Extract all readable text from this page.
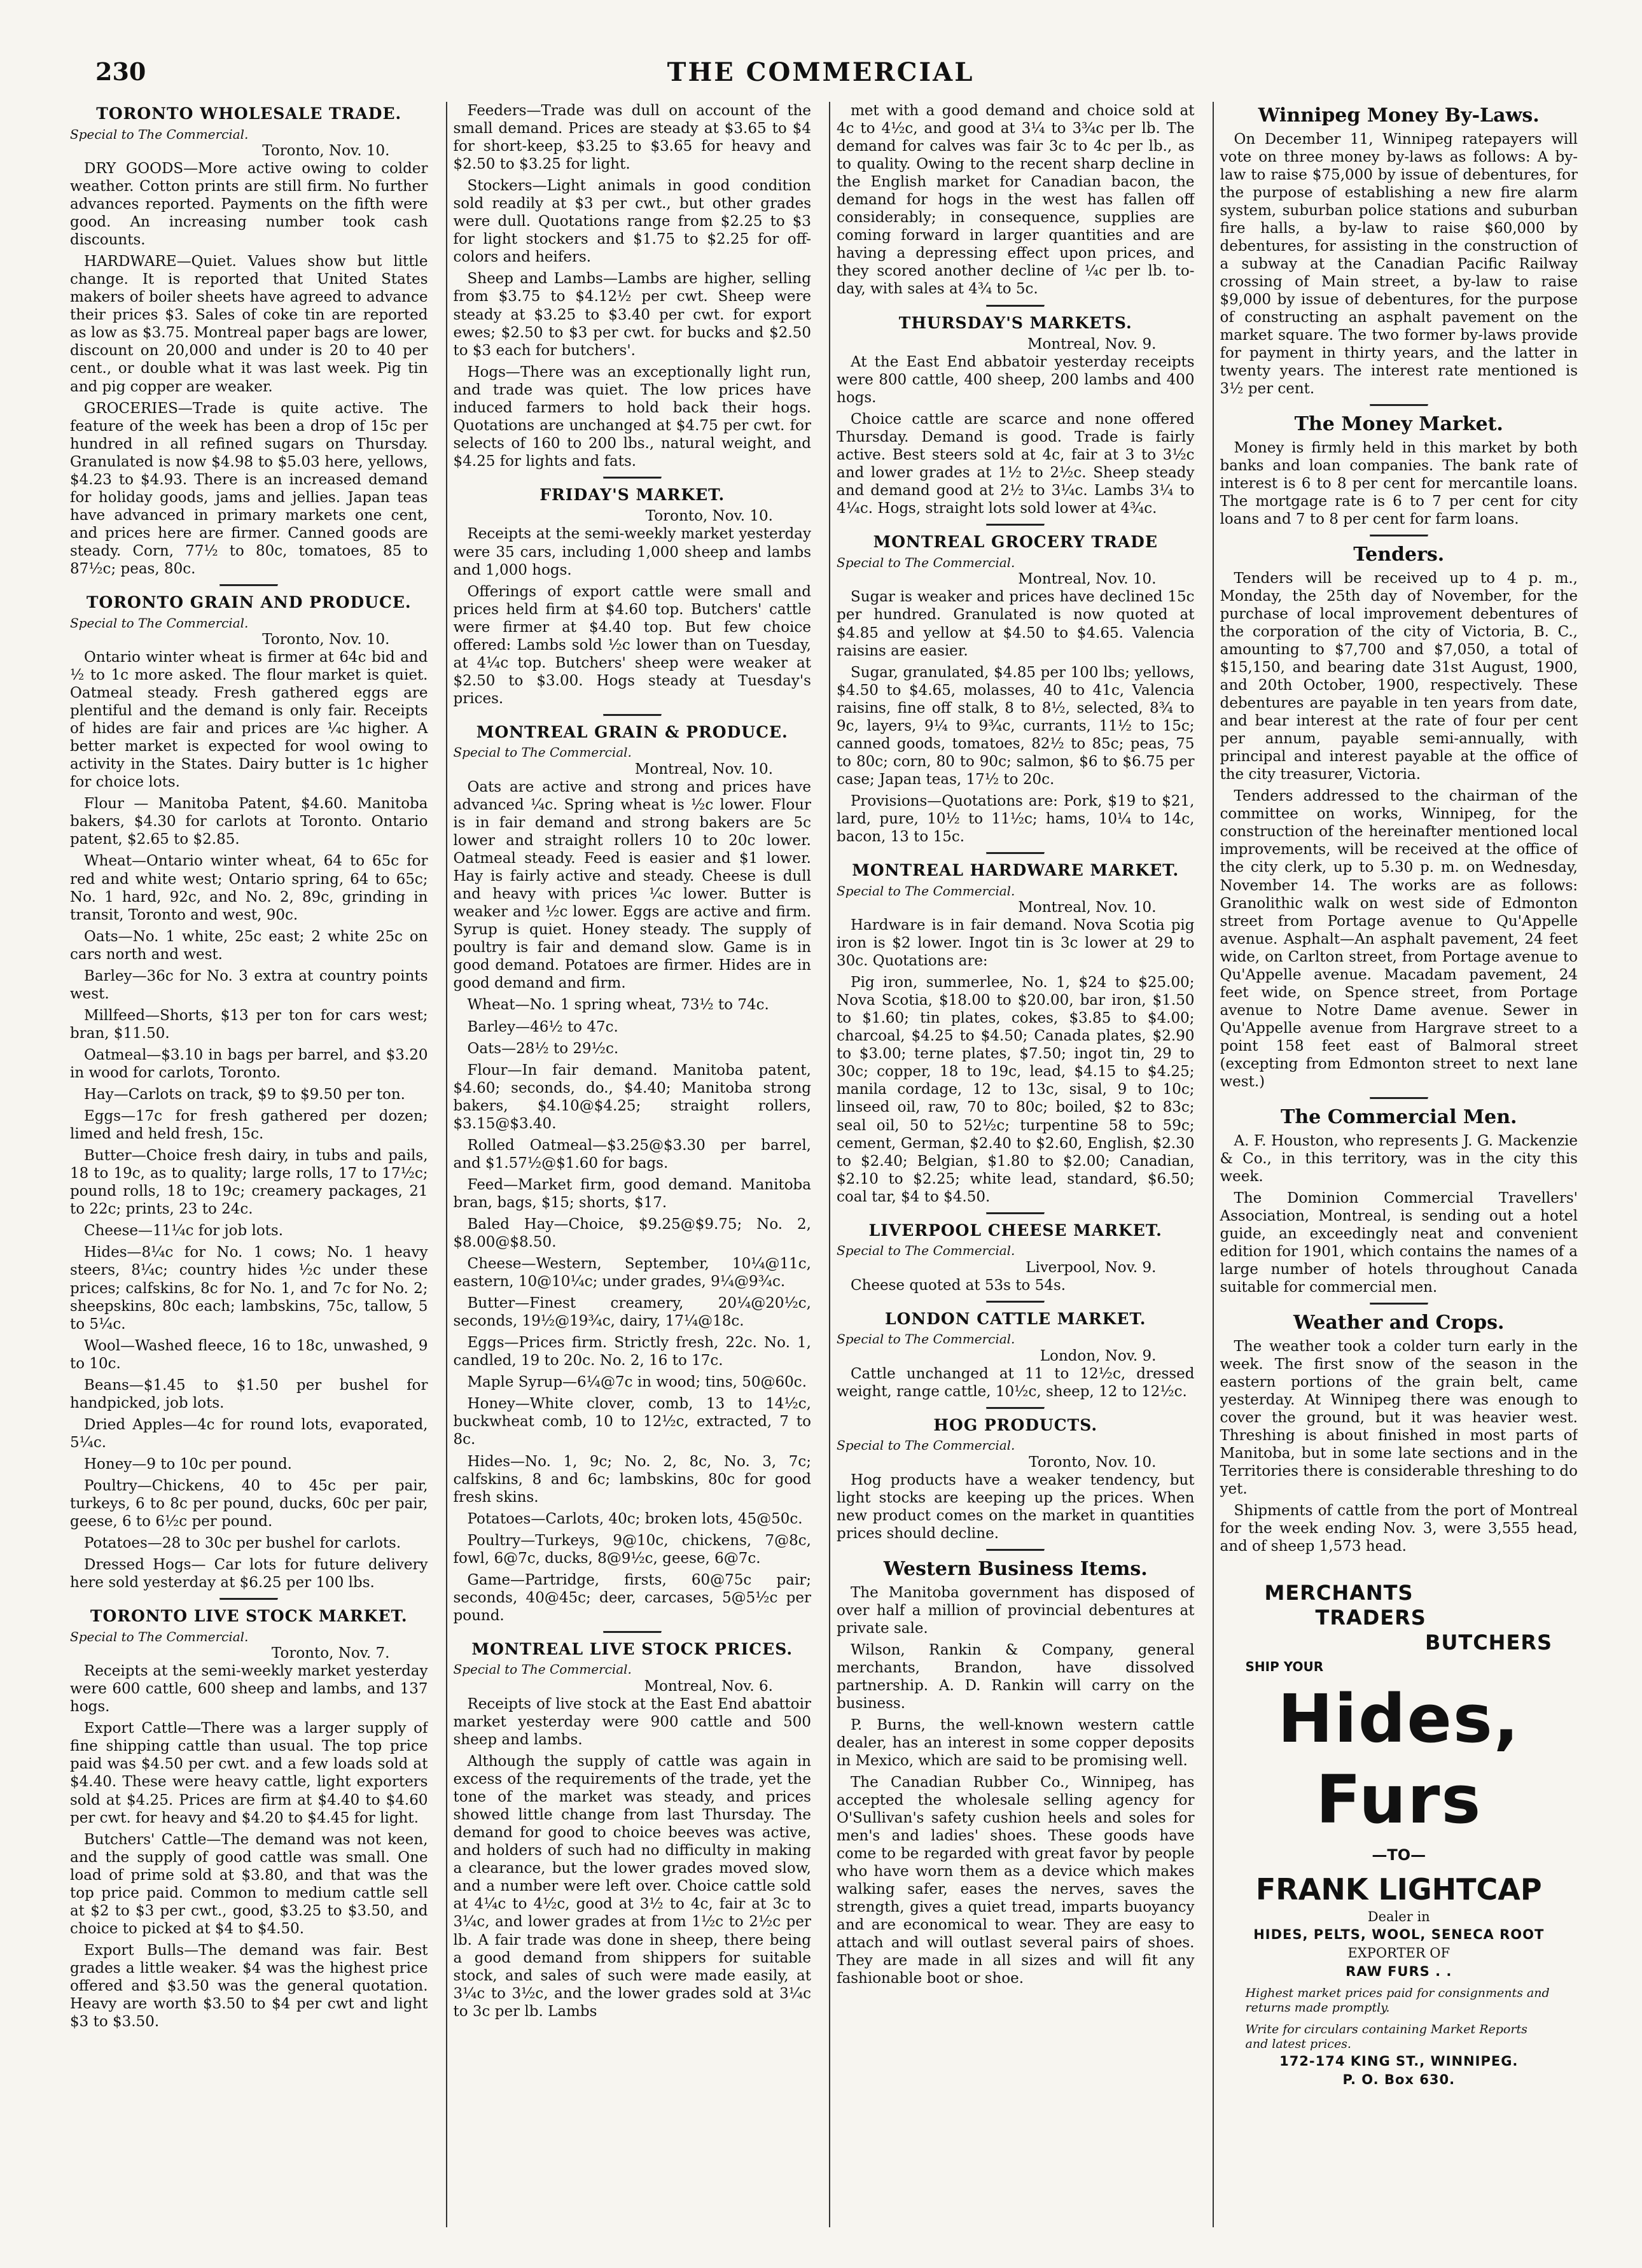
230	THE COMMERCIAL
TORONTO WHOLESALE TRADE.
Special to The Commercial.
Toronto, Nov. 10.

DRY GOODS—More active owing to colder weather. Cotton prints are still firm. No further advances reported. Payments on the fifth were good. An increasing number took cash discounts.

HARDWARE—Quiet. Values show but little change. It is reported that United States makers of boiler sheets have agreed to advance their prices $3. Sales of coke tin are reported as low as $3.75. Montreal paper bags are lower, discount on 20,000 and under is 20 to 40 per cent., or double what it was last week. Pig tin and pig copper are weaker.

GROCERIES—Trade is quite active. The feature of the week has been a drop of 15c per hundred in all refined sugars on Thursday. Granulated is now $4.98 to $5.03 here, yellows, $4.23 to $4.93. There is an increased demand for holiday goods, jams and jellies. Japan teas have advanced in primary markets one cent, and prices here are firmer. Canned goods are steady. Corn, 77½ to 80c, tomatoes, 85 to 87½c; peas, 80c.

TORONTO GRAIN AND PRODUCE.
Special to The Commercial.
Toronto, Nov. 10.

Ontario winter wheat is firmer at 64c bid and ½ to 1c more asked. The flour market is quiet. Oatmeal steady. Fresh gathered eggs are plentiful and the demand is only fair. Receipts of hides are fair and prices are ¼c higher. A better market is expected for wool owing to activity in the States. Dairy butter is 1c higher for choice lots.

Flour — Manitoba Patent, $4.60. Manitoba bakers, $4.30 for carlots at Toronto. Ontario patent, $2.65 to $2.85.

Wheat—Ontario winter wheat, 64 to 65c for red and white west; Ontario spring, 64 to 65c; No. 1 hard, 92c, and No. 2, 89c, grinding in transit, Toronto and west, 90c.

Oats—No. 1 white, 25c east; 2 white 25c on cars north and west.

Barley—36c for No. 3 extra at country points west.

Millfeed—Shorts, $13 per ton for cars west; bran, $11.50.

Oatmeal—$3.10 in bags per barrel, and $3.20 in wood for carlots, Toronto.

Hay—Carlots on track, $9 to $9.50 per ton.

Eggs—17c for fresh gathered per dozen; limed and held fresh, 15c.

Butter—Choice fresh dairy, in tubs and pails, 18 to 19c, as to quality; large rolls, 17 to 17½c; pound rolls, 18 to 19c; creamery packages, 21 to 22c; prints, 23 to 24c.

Cheese—11¼c for job lots.

Hides—8¼c for No. 1 cows; No. 1 heavy steers, 8¼c; country hides ½c under these prices; calfskins, 8c for No. 1, and 7c for No. 2; sheepskins, 80c each; lambskins, 75c, tallow, 5 to 5¼c.

Wool—Washed fleece, 16 to 18c, unwashed, 9 to 10c.

Beans—$1.45 to $1.50 per bushel for handpicked, job lots.

Dried Apples—4c for round lots, evaporated, 5¼c.

Honey—9 to 10c per pound.

Poultry—Chickens, 40 to 45c per pair, turkeys, 6 to 8c per pound, ducks, 60c per pair, geese, 6 to 6½c per pound.

Potatoes—28 to 30c per bushel for carlots.

Dressed Hogs— Car lots for future delivery here sold yesterday at $6.25 per 100 lbs.

TORONTO LIVE STOCK MARKET.
Special to The Commercial.
Toronto, Nov. 7.

Receipts at the semi-weekly market yesterday were 600 cattle, 600 sheep and lambs, and 137 hogs.

Export Cattle—There was a larger supply of fine shipping cattle than usual. The top price paid was $4.50 per cwt. and a few loads sold at $4.40. These were heavy cattle, light exporters sold at $4.25. Prices are firm at $4.40 to $4.60 per cwt. for heavy and $4.20 to $4.45 for light.

Butchers' Cattle—The demand was not keen, and the supply of good cattle was small. One load of prime sold at $3.80, and that was the top price paid. Common to medium cattle sell at $2 to $3 per cwt., good, $3.25 to $3.50, and choice to picked at $4 to $4.50.

Export Bulls—The demand was fair. Best grades a little weaker. $4 was the highest price offered and $3.50 was the general quotation. Heavy are worth $3.50 to $4 per cwt and light $3 to $3.50.

Feeders—Trade was dull on account of the small demand. Prices are steady at $3.65 to $4 for short-keep, $3.25 to $3.65 for heavy and $2.50 to $3.25 for light.

Stockers—Light animals in good condition sold readily at $3 per cwt., but other grades were dull. Quotations range from $2.25 to $3 for light stockers and $1.75 to $2.25 for off-colors and heifers.

Sheep and Lambs—Lambs are higher, selling from $3.75 to $4.12½ per cwt. Sheep were steady at $3.25 to $3.40 per cwt. for export ewes; $2.50 to $3 per cwt. for bucks and $2.50 to $3 each for butchers'.

Hogs—There was an exceptionally light run, and trade was quiet. The low prices have induced farmers to hold back their hogs. Quotations are unchanged at $4.75 per cwt. for selects of 160 to 200 lbs., natural weight, and $4.25 for lights and fats.

FRIDAY'S MARKET.
Toronto, Nov. 10.

Receipts at the semi-weekly market yesterday were 35 cars, including 1,000 sheep and lambs and 1,000 hogs.

Offerings of export cattle were small and prices held firm at $4.60 top. Butchers' cattle were firmer at $4.40 top. But few choice offered: Lambs sold ½c lower than on Tuesday, at 4¼c top. Butchers' sheep were weaker at $2.50 to $3.00. Hogs steady at Tuesday's prices.

MONTREAL GRAIN & PRODUCE.
Special to The Commercial.
Montreal, Nov. 10.

Oats are active and strong and prices have advanced ¼c. Spring wheat is ½c lower. Flour is in fair demand and strong bakers are 5c lower and straight rollers 10 to 20c lower. Oatmeal steady. Feed is easier and $1 lower. Hay is fairly active and steady. Cheese is dull and heavy with prices ¼c lower. Butter is weaker and ½c lower. Eggs are active and firm. Syrup is quiet. Honey steady. The supply of poultry is fair and demand slow. Game is in good demand. Potatoes are firmer. Hides are in good demand and firm.

Wheat—No. 1 spring wheat, 73½ to 74c.

Barley—46½ to 47c.

Oats—28½ to 29½c.

Flour—In fair demand. Manitoba patent, $4.60; seconds, do., $4.40; Manitoba strong bakers, $4.10@$4.25; straight rollers, $3.15@$3.40.

Rolled Oatmeal—$3.25@$3.30 per barrel, and $1.57½@$1.60 for bags.

Feed—Market firm, good demand. Manitoba bran, bags, $15; shorts, $17.

Baled Hay—Choice, $9.25@$9.75; No. 2, $8.00@$8.50.

Cheese—Western, September, 10¼@11c, eastern, 10@10¼c; under grades, 9¼@9¾c.

Butter—Finest creamery, 20¼@20½c, seconds, 19½@19¾c, dairy, 17¼@18c.

Eggs—Prices firm. Strictly fresh, 22c. No. 1, candled, 19 to 20c. No. 2, 16 to 17c.

Maple Syrup—6¼@7c in wood; tins, 50@60c.

Honey—White clover, comb, 13 to 14½c, buckwheat comb, 10 to 12½c, extracted, 7 to 8c.

Hides—No. 1, 9c; No. 2, 8c, No. 3, 7c; calfskins, 8 and 6c; lambskins, 80c for good fresh skins.

Potatoes—Carlots, 40c; broken lots, 45@50c.

Poultry—Turkeys, 9@10c, chickens, 7@8c, fowl, 6@7c, ducks, 8@9½c, geese, 6@7c.

Game—Partridge, firsts, 60@75c pair; seconds, 40@45c; deer, carcases, 5@5½c per pound.

MONTREAL LIVE STOCK PRICES.
Special to The Commercial.
Montreal, Nov. 6.

Receipts of live stock at the East End abattoir market yesterday were 900 cattle and 500 sheep and lambs.

Although the supply of cattle was again in excess of the requirements of the trade, yet the tone of the market was steady, and prices showed little change from last Thursday. The demand for good to choice beeves was active, and holders of such had no difficulty in making a clearance, but the lower grades moved slow, and a number were left over. Choice cattle sold at 4¼c to 4½c, good at 3½ to 4c, fair at 3c to 3¼c, and lower grades at from 1½c to 2½c per lb. A fair trade was done in sheep, there being a good demand from shippers for suitable stock, and sales of such were made easily, at 3¼c to 3½c, and the lower grades sold at 3¼c to 3c per lb. Lambs

met with a good demand and choice sold at 4c to 4½c, and good at 3¼ to 3¾c per lb. The demand for calves was fair 3c to 4c per lb., as to quality. Owing to the recent sharp decline in the English market for Canadian bacon, the demand for hogs in the west has fallen off considerably; in consequence, supplies are coming forward in larger quantities and are having a depressing effect upon prices, and they scored another decline of ¼c per lb. to-day, with sales at 4¾ to 5c.

THURSDAY'S MARKETS.
Montreal, Nov. 9.

At the East End abbatoir yesterday receipts were 800 cattle, 400 sheep, 200 lambs and 400 hogs.

Choice cattle are scarce and none offered Thursday. Demand is good. Trade is fairly active. Best steers sold at 4c, fair at 3 to 3½c and lower grades at 1½ to 2½c. Sheep steady and demand good at 2½ to 3¼c. Lambs 3¼ to 4¼c. Hogs, straight lots sold lower at 4¾c.

MONTREAL GROCERY TRADE
Special to The Commercial.
Montreal, Nov. 10.

Sugar is weaker and prices have declined 15c per hundred. Granulated is now quoted at $4.85 and yellow at $4.50 to $4.65. Valencia raisins are easier.

Sugar, granulated, $4.85 per 100 lbs; yellows, $4.50 to $4.65, molasses, 40 to 41c, Valencia raisins, fine off stalk, 8 to 8½, selected, 8¾ to 9c, layers, 9¼ to 9¾c, currants, 11½ to 15c; canned goods, tomatoes, 82½ to 85c; peas, 75 to 80c; corn, 80 to 90c; salmon, $6 to $6.75 per case; Japan teas, 17½ to 20c.

Provisions—Quotations are: Pork, $19 to $21, lard, pure, 10½ to 11½c; hams, 10¼ to 14c, bacon, 13 to 15c.

MONTREAL HARDWARE MARKET.
Special to The Commercial.
Montreal, Nov. 10.

Hardware is in fair demand. Nova Scotia pig iron is $2 lower. Ingot tin is 3c lower at 29 to 30c. Quotations are:

Pig iron, summerlee, No. 1, $24 to $25.00; Nova Scotia, $18.00 to $20.00, bar iron, $1.50 to $1.60; tin plates, cokes, $3.85 to $4.00; charcoal, $4.25 to $4.50; Canada plates, $2.90 to $3.00; terne plates, $7.50; ingot tin, 29 to 30c; copper, 18 to 19c, lead, $4.15 to $4.25; manila cordage, 12 to 13c, sisal, 9 to 10c; linseed oil, raw, 70 to 80c; boiled, $2 to 83c; seal oil, 50 to 52½c; turpentine 58 to 59c; cement, German, $2.40 to $2.60, English, $2.30 to $2.40; Belgian, $1.80 to $2.00; Canadian, $2.10 to $2.25; white lead, standard, $6.50; coal tar, $4 to $4.50.

LIVERPOOL CHEESE MARKET.
Special to The Commercial.
Liverpool, Nov. 9.

Cheese quoted at 53s to 54s.

LONDON CATTLE MARKET.
Special to The Commercial.
London, Nov. 9.

Cattle unchanged at 11 to 12½c, dressed weight, range cattle, 10½c, sheep, 12 to 12½c.

HOG PRODUCTS.
Special to The Commercial.
Toronto, Nov. 10.

Hog products have a weaker tendency, but light stocks are keeping up the prices. When new product comes on the market in quantities prices should decline.

Western Business Items.

The Manitoba government has disposed of over half a million of provincial debentures at private sale.

Wilson, Rankin & Company, general merchants, Brandon, have dissolved partnership. A. D. Rankin will carry on the business.

P. Burns, the well-known western cattle dealer, has an interest in some copper deposits in Mexico, which are said to be promising well.

The Canadian Rubber Co., Winnipeg, has accepted the wholesale selling agency for O'Sullivan's safety cushion heels and soles for men's and ladies' shoes. These goods have come to be regarded with great favor by people who have worn them as a device which makes walking safer, eases the nerves, saves the strength, gives a quiet tread, imparts buoyancy and are economical to wear. They are easy to attach and will outlast several pairs of shoes. They are made in all sizes and will fit any fashionable boot or shoe.

Winnipeg Money By-Laws.

On December 11, Winnipeg ratepayers will vote on three money by-laws as follows: A by-law to raise $75,000 by issue of debentures, for the purpose of establishing a new fire alarm system, suburban police stations and suburban fire halls, a by-law to raise $60,000 by debentures, for assisting in the construction of a subway at the Canadian Pacific Railway crossing of Main street, a by-law to raise $9,000 by issue of debentures, for the purpose of constructing an asphalt pavement on the market square. The two former by-laws provide for payment in thirty years, and the latter in twenty years. The interest rate mentioned is 3½ per cent.

The Money Market.

Money is firmly held in this market by both banks and loan companies. The bank rate of interest is 6 to 8 per cent for mercantile loans. The mortgage rate is 6 to 7 per cent for city loans and 7 to 8 per cent for farm loans.

Tenders.

Tenders will be received up to 4 p. m., Monday, the 25th day of November, for the purchase of local improvement debentures of the corporation of the city of Victoria, B. C., amounting to $7,700 and $7,050, a total of $15,150, and bearing date 31st August, 1900, and 20th October, 1900, respectively. These debentures are payable in ten years from date, and bear interest at the rate of four per cent per annum, payable semi-annually, with principal and interest payable at the office of the city treasurer, Victoria.

Tenders addressed to the chairman of the committee on works, Winnipeg, for the construction of the hereinafter mentioned local improvements, will be received at the office of the city clerk, up to 5.30 p. m. on Wednesday, November 14. The works are as follows: Granolithic walk on west side of Edmonton street from Portage avenue to Qu'Appelle avenue. Asphalt—An asphalt pavement, 24 feet wide, on Carlton street, from Portage avenue to Qu'Appelle avenue. Macadam pavement, 24 feet wide, on Spence street, from Portage avenue to Notre Dame avenue. Sewer in Qu'Appelle avenue from Hargrave street to a point 158 feet east of Balmoral street (excepting from Edmonton street to next lane west.)

The Commercial Men.

A. F. Houston, who represents J. G. Mackenzie & Co., in this territory, was in the city this week.

The Dominion Commercial Travellers' Association, Montreal, is sending out a hotel guide, an exceedingly neat and convenient edition for 1901, which contains the names of a large number of hotels throughout Canada suitable for commercial men.

Weather and Crops.

The weather took a colder turn early in the week. The first snow of the season in the eastern portions of the grain belt, came yesterday. At Winnipeg there was enough to cover the ground, but it was heavier west. Threshing is about finished in most parts of Manitoba, but in some late sections and in the Territories there is considerable threshing to do yet.

Shipments of cattle from the port of Montreal for the week ending Nov. 3, were 3,555 head, and of sheep 1,573 head.

MERCHANTS
TRADERS
BUTCHERS
SHIP YOUR
Hides, Furs
—TO—
FRANK LIGHTCAP
Dealer in
HIDES, PELTS, WOOL, SENECA ROOT
EXPORTER OF
RAW FURS . .
Highest market prices paid for consignments and returns made promptly.
Write for circulars containing Market Reports and latest prices.
172-174 KING ST., WINNIPEG.
P. O. Box 630.
